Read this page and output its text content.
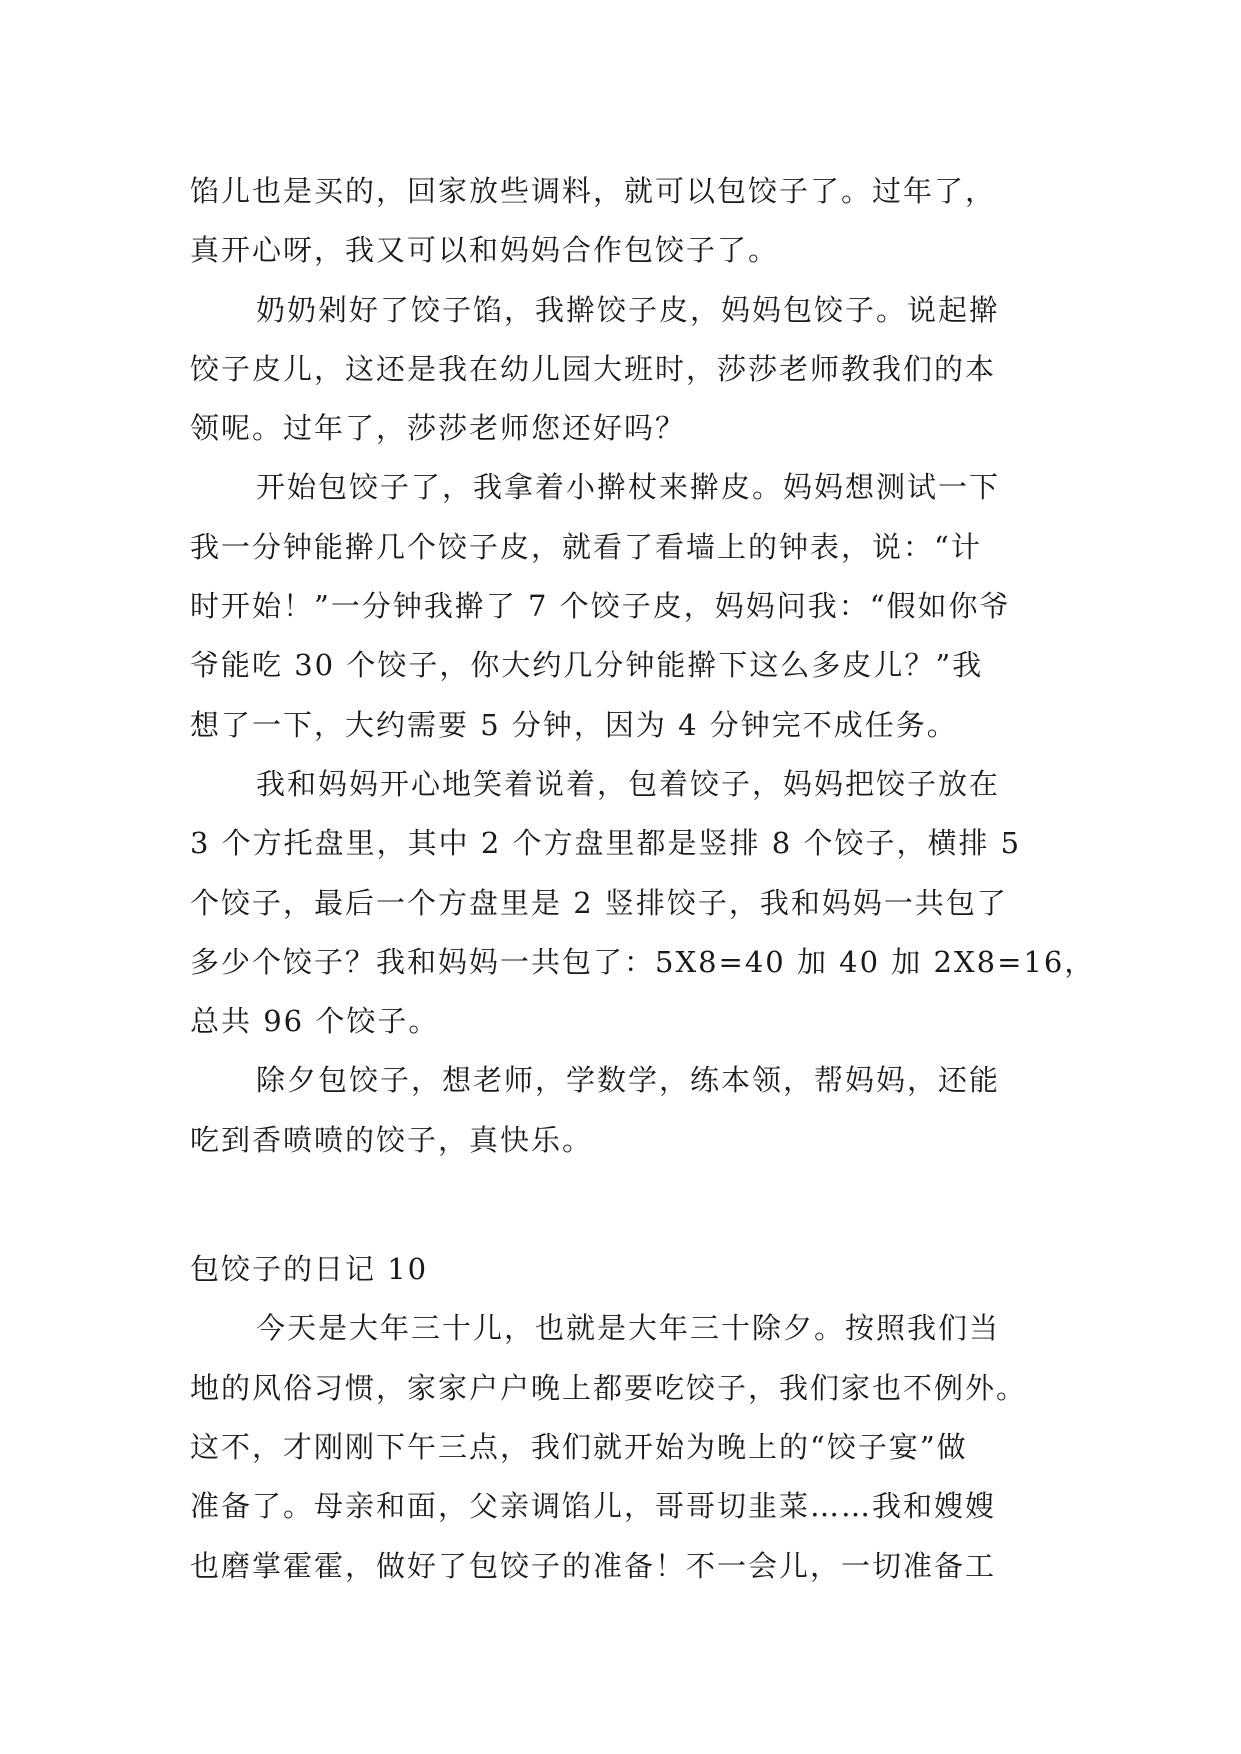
馅儿也是买的，回家放些调料，就可以包饺子了。过年了，
真开心呀，我又可以和妈妈合作包饺子了。
奶奶剁好了饺子馅，我擀饺子皮，妈妈包饺子。说起擀
饺子皮儿，这还是我在幼儿园大班时，莎莎老师教我们的本
领呢。过年了，莎莎老师您还好吗？
开始包饺子了，我拿着小擀杖来擀皮。妈妈想测试一下
我一分钟能擀几个饺子皮，就看了看墙上的钟表，说：“计
时开始！”一分钟我擀了 7 个饺子皮，妈妈问我：“假如你爷
爷能吃 30 个饺子，你大约几分钟能擀下这么多皮儿？”我
想了一下，大约需要 5 分钟，因为 4 分钟完不成任务。
我和妈妈开心地笑着说着，包着饺子，妈妈把饺子放在
3 个方托盘里，其中 2 个方盘里都是竖排 8 个饺子，横排 5
个饺子，最后一个方盘里是 2 竖排饺子，我和妈妈一共包了
多少个饺子？我和妈妈一共包了：5X8=40 加 40 加 2X8=16，
总共 96 个饺子。
除夕包饺子，想老师，学数学，练本领，帮妈妈，还能
吃到香喷喷的饺子，真快乐。
包饺子的日记 10
今天是大年三十儿，也就是大年三十除夕。按照我们当
地的风俗习惯，家家户户晚上都要吃饺子，我们家也不例外。
这不，才刚刚下午三点，我们就开始为晚上的“饺子宴”做
准备了。母亲和面，父亲调馅儿，哥哥切韭菜……我和嫂嫂
也磨掌霍霍，做好了包饺子的准备！不一会儿，一切准备工
